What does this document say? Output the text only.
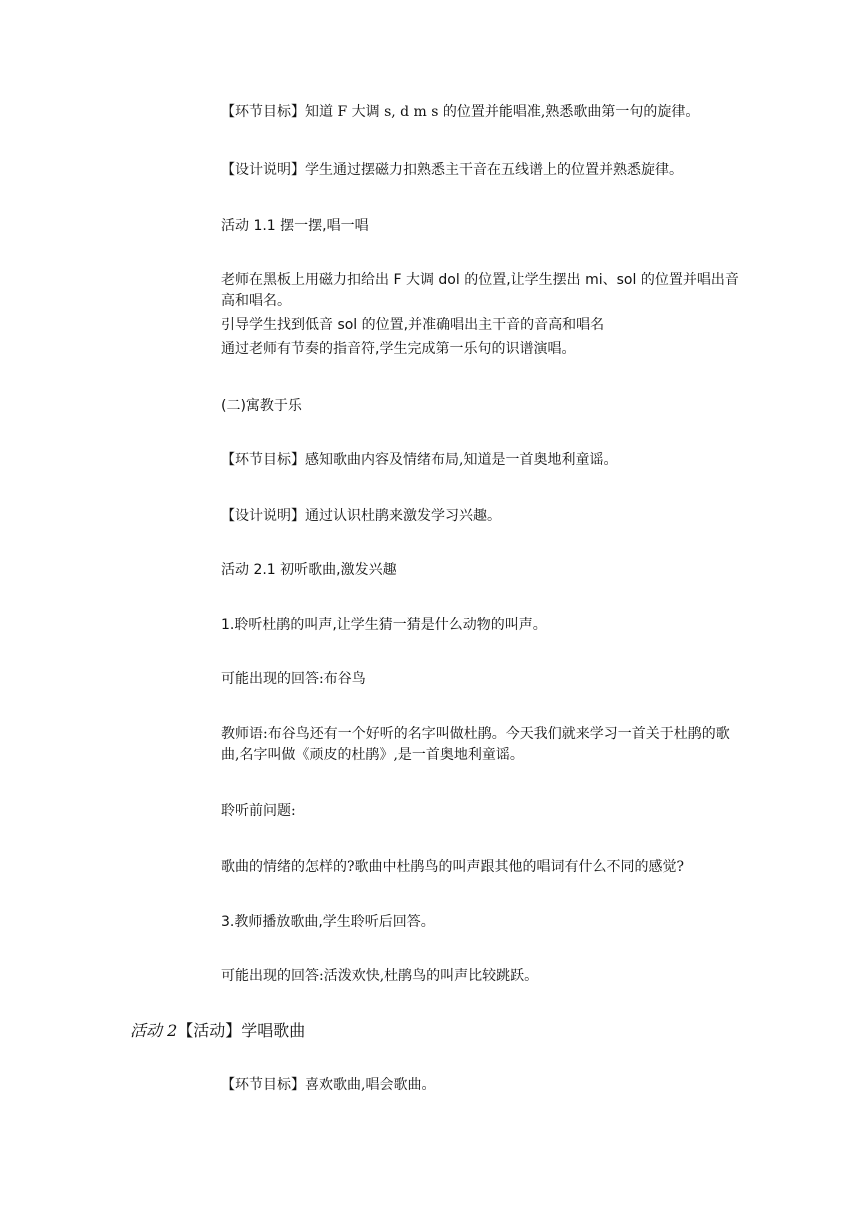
【环节目标】知道 F 大调 s, d m s 的位置并能唱准,熟悉歌曲第一句的旋律。

【设计说明】学生通过摆磁力扣熟悉主干音在五线谱上的位置并熟悉旋律。

活动 1.1 摆一摆,唱一唱

老师在黑板上用磁力扣给出 F 大调 dol 的位置,让学生摆出 mi、sol 的位置并唱出音高和唱名。

引导学生找到低音 sol 的位置,并准确唱出主干音的音高和唱名

通过老师有节奏的指音符,学生完成第一乐句的识谱演唱。

(二)寓教于乐

【环节目标】感知歌曲内容及情绪布局,知道是一首奥地利童谣。

【设计说明】通过认识杜鹃来激发学习兴趣。

活动 2.1 初听歌曲,激发兴趣

1.聆听杜鹃的叫声,让学生猜一猜是什么动物的叫声。

可能出现的回答:布谷鸟

教师语:布谷鸟还有一个好听的名字叫做杜鹃。今天我们就来学习一首关于杜鹃的歌曲,名字叫做《顽皮的杜鹃》,是一首奥地利童谣。

聆听前问题:

歌曲的情绪的怎样的?歌曲中杜鹃鸟的叫声跟其他的唱词有什么不同的感觉?

3.教师播放歌曲,学生聆听后回答。

可能出现的回答:活泼欢快,杜鹃鸟的叫声比较跳跃。

活动 2【活动】学唱歌曲

【环节目标】喜欢歌曲,唱会歌曲。
